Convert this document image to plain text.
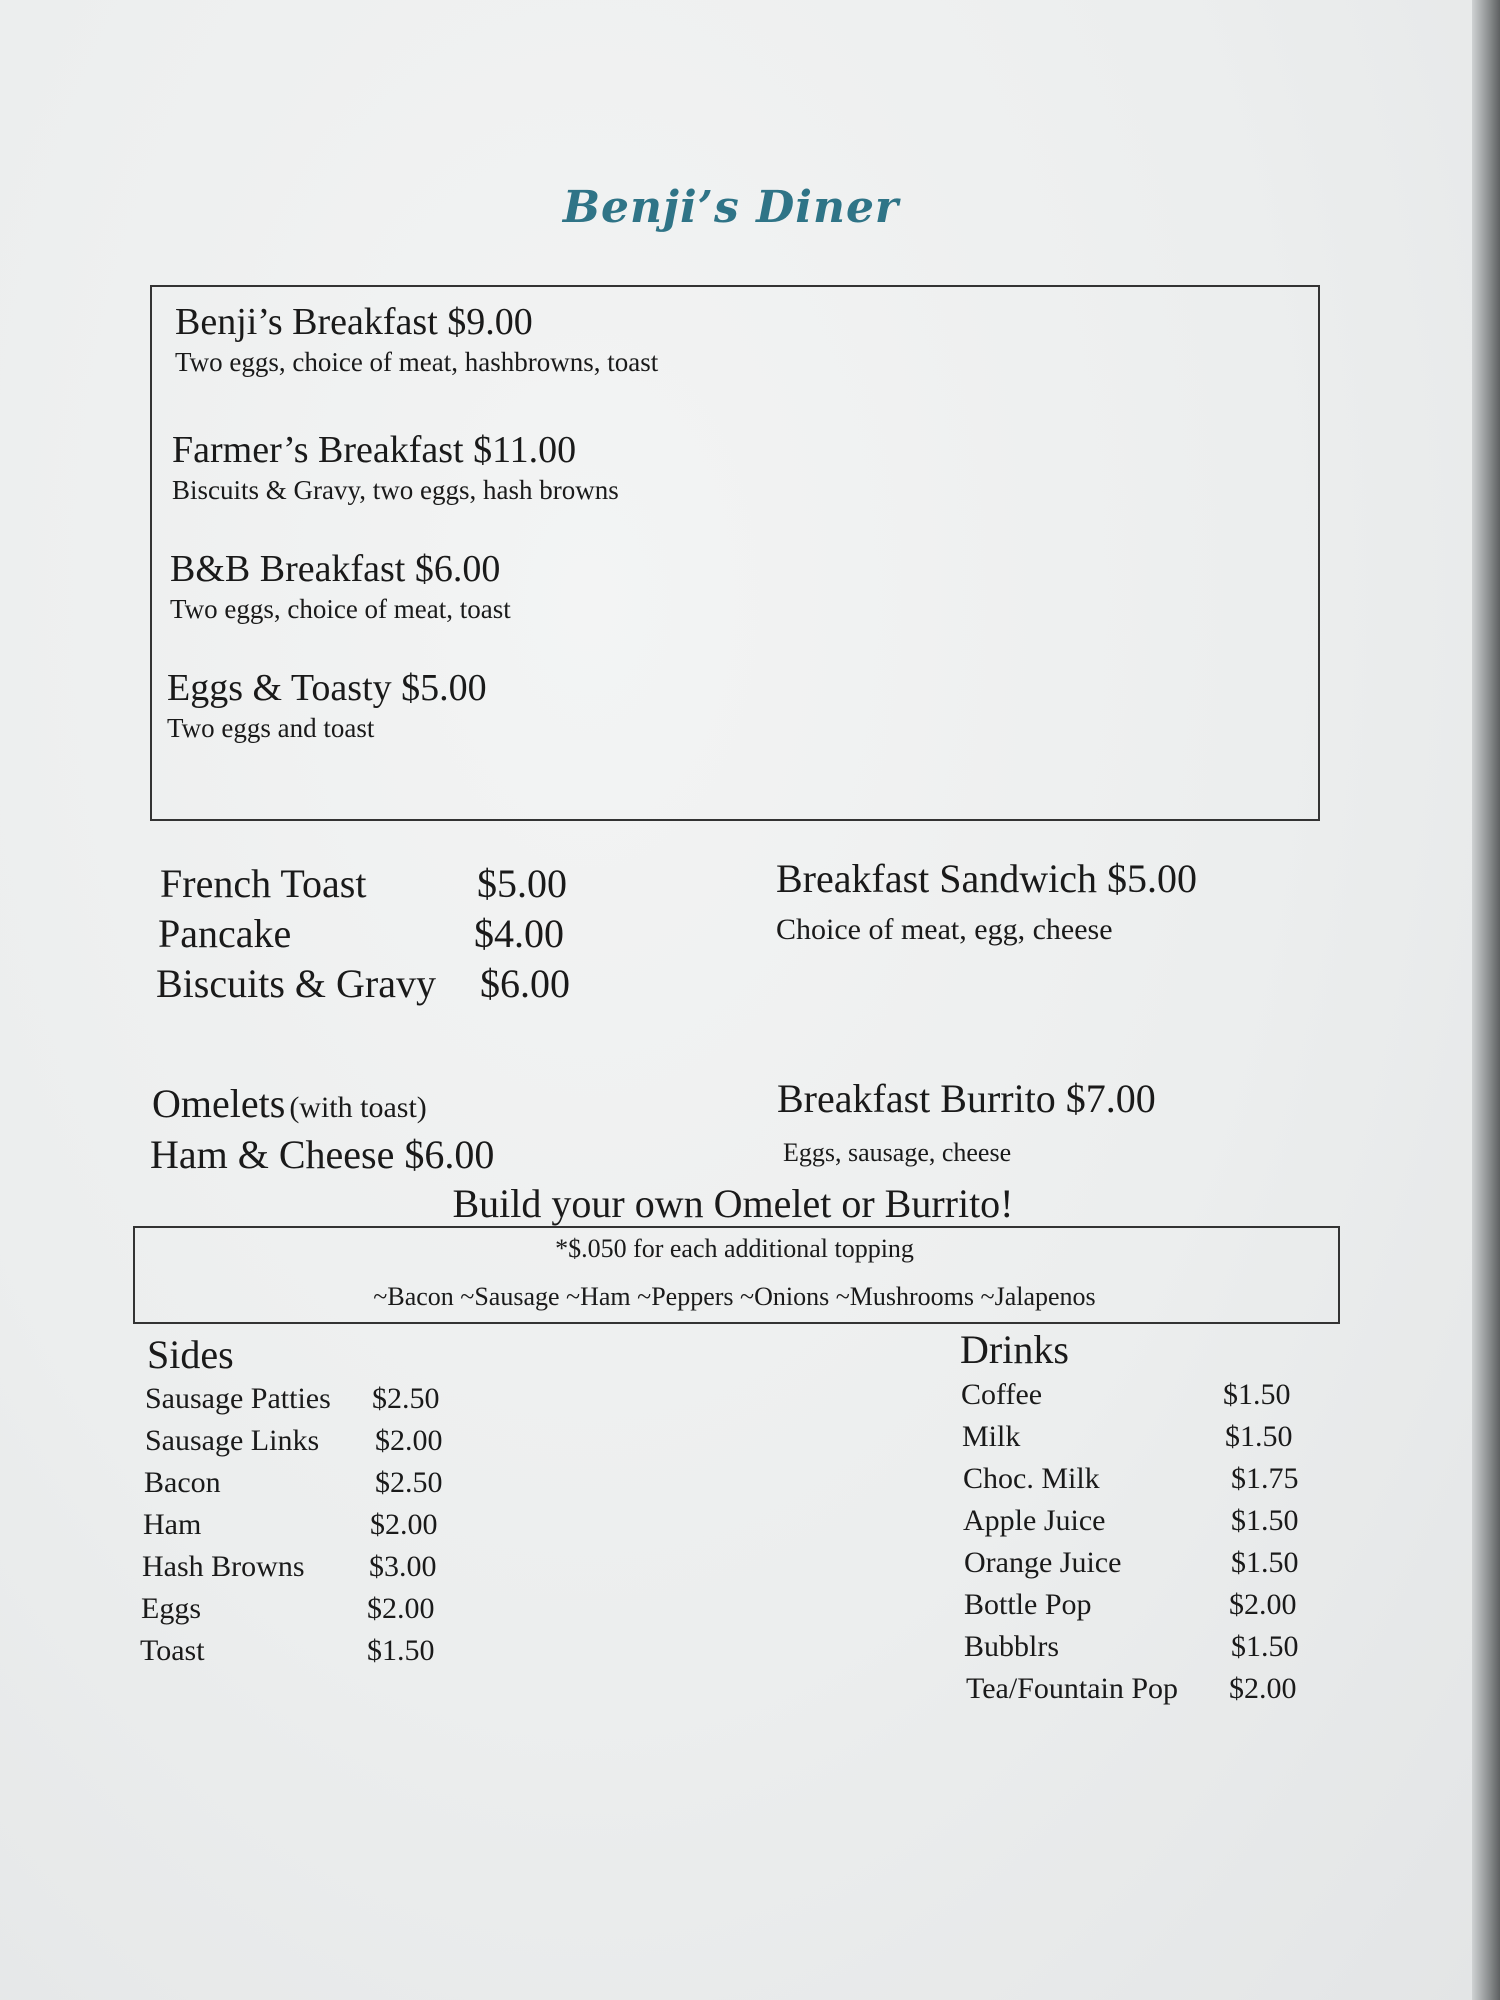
Benji’s Diner
Benji’s Breakfast $9.00
Two eggs, choice of meat, hashbrowns, toast
Farmer’s Breakfast $11.00
Biscuits & Gravy, two eggs, hash browns
B&B Breakfast $6.00
Two eggs, choice of meat, toast
Eggs & Toasty $5.00
Two eggs and toast
French Toast	$5.00
Pancake	$4.00
Biscuits & Gravy $6.00
Breakfast Sandwich $5.00
Choice of meat, egg, cheese
Omelets (with toast)
Ham & Cheese $6.00
Breakfast Burrito $7.00
Eggs, sausage, cheese
Build your own Omelet or Burrito!
*$.050 for each additional topping
~Bacon ~Sausage ~Ham ~Peppers ~Onions ~Mushrooms ~Jalapenos
Sides
Sausage Patties $2.50
Sausage Links $2.00
Bacon	$2.50
Ham	$2.00
Hash Browns $3.00
Eggs	$2.00
Toast	$1.50
Drinks
Coffee	$1.50
Milk	$1.50
Choc. Milk	$1.75
Apple Juice	$1.50
Orange Juice	$1.50
Bottle Pop	$2.00
Bubblrs	$1.50
Tea/Fountain Pop $2.00
